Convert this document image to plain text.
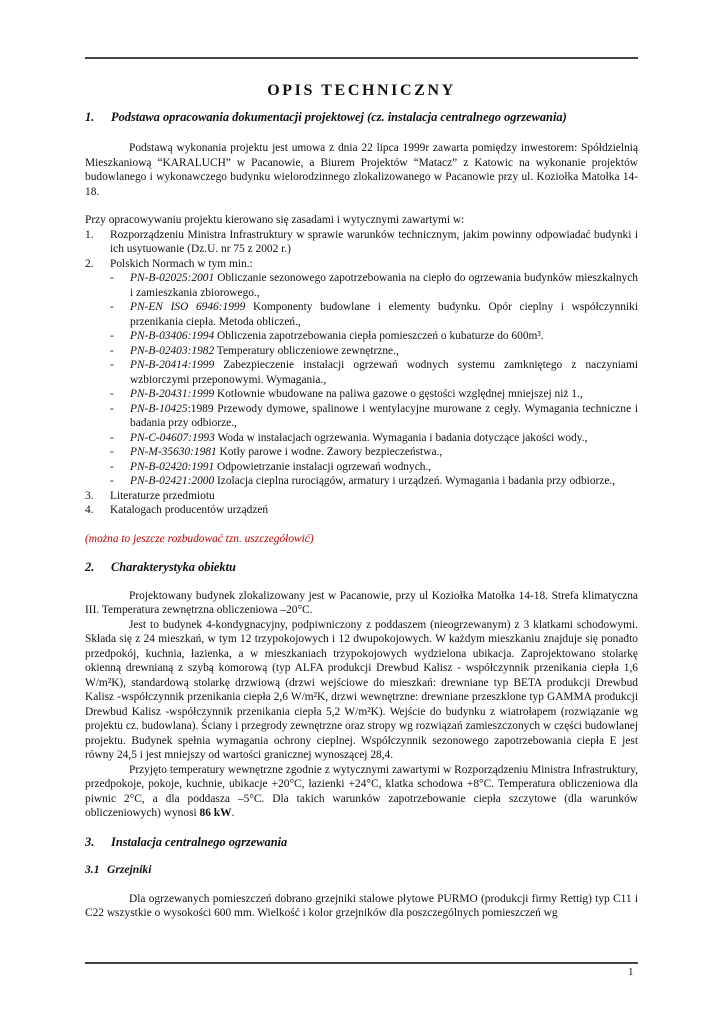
OPIS TECHNICZNY
1.	Podstawa opracowania dokumentacji projektowej (cz. instalacja centralnego ogrzewania)

Podstawą wykonania projektu jest umowa z dnia 22 lipca 1999r zawarta pomiędzy inwestorem: Spółdzielnią Mieszkaniową “KARALUCH” w Pacanowie, a Biurem Projektów “Matacz” z Katowic na wykonanie projektów budowlanego i wykonawczego budynku wielorodzinnego zlokalizowanego w Pacanowie przy ul. Koziołka Matołka 14-18.

Przy opracowywaniu projektu kierowano się zasadami i wytycznymi zawartymi w:

1.	Rozporządzeniu Ministra Infrastruktury w sprawie warunków technicznym, jakim powinny odpowiadać budynki i ich usytuowanie (Dz.U. nr 75 z 2002 r.)
2.	Polskich Normach w tym min.:
-	PN-B-02025:2001 Obliczanie sezonowego zapotrzebowania na ciepło do ogrzewania budynków mieszkalnych i zamieszkania zbiorowego.,
-	PN-EN ISO 6946:1999 Komponenty budowlane i elementy budynku. Opór cieplny i współczynniki przenikania ciepła. Metoda obliczeń.,
-	PN-B-03406:1994 Obliczenia zapotrzebowania ciepła pomieszczeń o kubaturze do 600m³.
-	PN-B-02403:1982 Temperatury obliczeniowe zewnętrzne.,
-	PN-B-20414:1999 Zabezpieczenie instalacji ogrzewań wodnych systemu zamkniętego z naczyniami wzbiorczymi przeponowymi. Wymagania.,
-	PN-B-20431:1999 Kotłownie wbudowane na paliwa gazowe o gęstości względnej mniejszej niż 1.,
-	PN-B-10425:1989 Przewody dymowe, spalinowe i wentylacyjne murowane z cegły. Wymagania techniczne i badania przy odbiorze.,
-	PN-C-04607:1993 Woda w instalacjach ogrzewania. Wymagania i badania dotyczące jakości wody.,
-	PN-M-35630:1981 Kotły parowe i wodne. Zawory bezpieczeństwa.,
-	PN-B-02420:1991 Odpowietrzanie instalacji ogrzewań wodnych.,
-	PN-B-02421:2000 Izolacja cieplna rurociągów, armatury i urządzeń. Wymagania i badania przy odbiorze.,
3.	Literaturze przedmiotu
4.	Katalogach producentów urządzeń

(można to jeszcze rozbudować tzn. uszczegółowić)

2.	Charakterystyka obiektu

Projektowany budynek zlokalizowany jest w Pacanowie, przy ul Koziołka Matołka 14-18. Strefa klimatyczna III. Temperatura zewnętrzna obliczeniowa –20°C.

Jest to budynek 4-kondygnacyjny, podpiwniczony z poddaszem (nieogrzewanym) z 3 klatkami schodowymi. Składa się z 24 mieszkań, w tym 12 trzypokojowych i 12 dwupokojowych. W każdym mieszkaniu znajduje się ponadto przedpokój, kuchnia, łazienka, a w mieszkaniach trzypokojowych wydzielona ubikacja. Zaprojektowano stolarkę okienną drewnianą z szybą komorową (typ ALFA produkcji Drewbud Kalisz - współczynnik przenikania ciepła 1,6 W/m²K), standardową stolarkę drzwiową (drzwi wejściowe do mieszkań: drewniane typ BETA produkcji Drewbud Kalisz -współczynnik przenikania ciepła 2,6 W/m²K, drzwi wewnętrzne: drewniane przeszklone typ GAMMA produkcji Drewbud Kalisz -współczynnik przenikania ciepła 5,2 W/m²K). Wejście do budynku z wiatrołapem (rozwiązanie wg projektu cz. budowlana). Ściany i przegrody zewnętrzne oraz stropy wg rozwiązań zamieszczonych w części budowlanej projektu. Budynek spełnia wymagania ochrony cieplnej. Współczynnik sezonowego zapotrzebowania ciepła E jest równy 24,5 i jest mniejszy od wartości granicznej wynoszącej 28,4.

Przyjęto temperatury wewnętrzne zgodnie z wytycznymi zawartymi w Rozporządzeniu Ministra Infrastruktury, przedpokoje, pokoje, kuchnie, ubikacje +20°C, łazienki +24°C, klatka schodowa +8°C. Temperatura obliczeniowa dla piwnic 2°C, a dla poddasza –5°C. Dla takich warunków zapotrzebowanie ciepła szczytowe (dla warunków obliczeniowych) wynosi 86 kW.

3.	Instalacja centralnego ogrzewania
3.1 Grzejniki

Dla ogrzewanych pomieszczeń dobrano grzejniki stalowe płytowe PURMO (produkcji firmy Rettig) typ C11 i C22 wszystkie o wysokości 600 mm. Wielkość i kolor grzejników dla poszczególnych pomieszczeń wg

1
